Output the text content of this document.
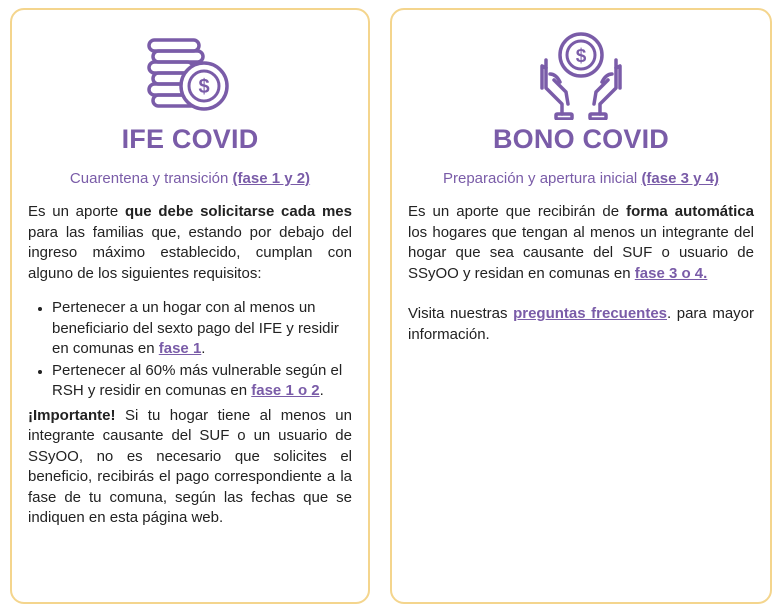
$
IFE COVID
Cuarentena y transición (fase 1 y 2)

Es un aporte que debe solicitarse cada mes para las familias que, estando por debajo del ingreso máximo establecido, cumplan con alguno de los siguientes requisitos:

• Pertenecer a un hogar con al menos un beneficiario del sexto pago del IFE y residir en comunas en fase 1.
• Pertenecer al 60% más vulnerable según el RSH y residir en comunas en fase 1 o 2.

¡Importante! Si tu hogar tiene al menos un integrante causante del SUF o un usuario de SSyOO, no es necesario que solicites el beneficio, recibirás el pago correspondiente a la fase de tu comuna, según las fechas que se indiquen en esta página web.

$
BONO COVID
Preparación y apertura inicial (fase 3 y 4)

Es un aporte que recibirán de forma automática los hogares que tengan al menos un integrante del hogar que sea causante del SUF o usuario de SSyOO y residan en comunas en fase 3 o 4.

Visita nuestras preguntas frecuentes. para mayor información.
